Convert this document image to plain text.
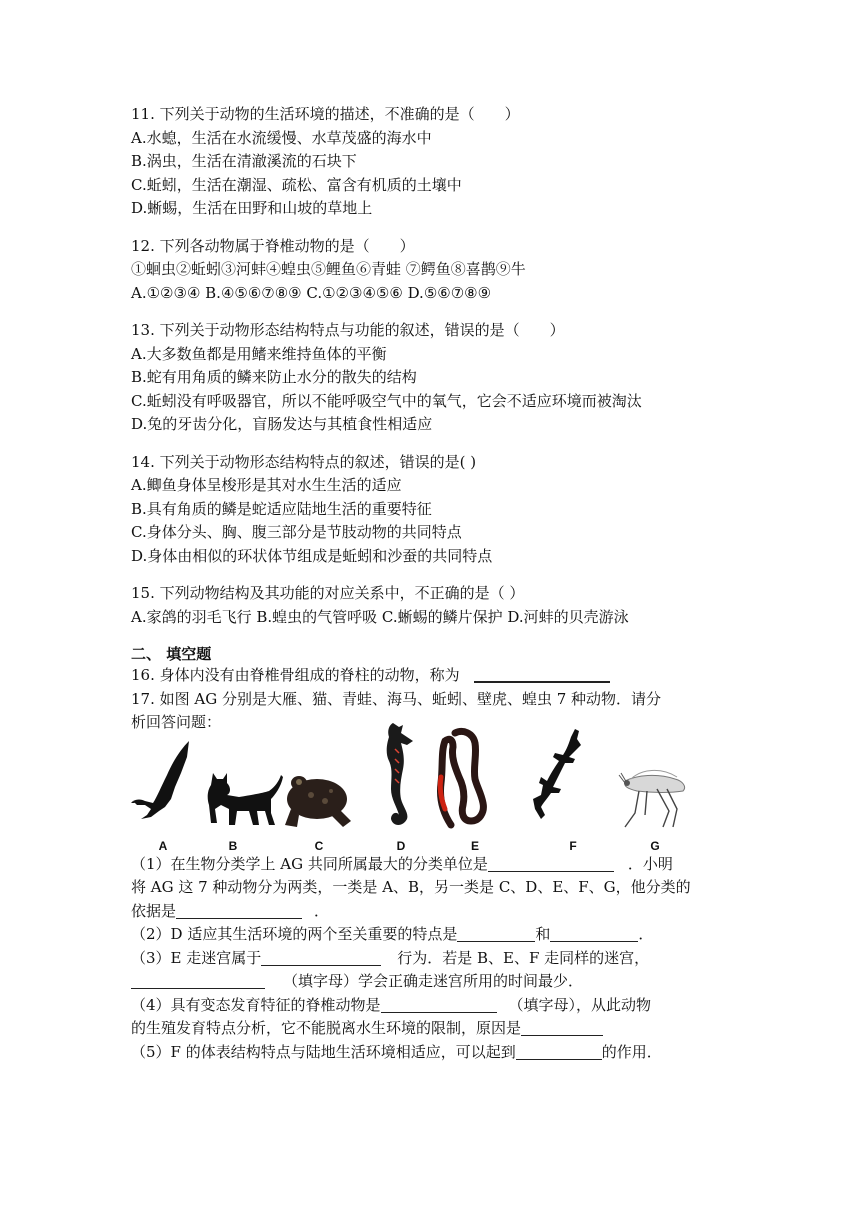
11. 下列关于动物的生活环境的描述，不准确的是（　　）
A.水螅，生活在水流缓慢、水草茂盛的海水中
B.涡虫，生活在清澈溪流的石块下
C.蚯蚓，生活在潮湿、疏松、富含有机质的土壤中
D.蜥蜴，生活在田野和山坡的草地上
12. 下列各动物属于脊椎动物的是（　　）
①蛔虫②蚯蚓③河蚌④蝗虫⑤鲤鱼⑥青蛙 ⑦鳄鱼⑧喜鹊⑨牛
A.①②③④ B.④⑤⑥⑦⑧⑨ C.①②③④⑤⑥ D.⑤⑥⑦⑧⑨
13. 下列关于动物形态结构特点与功能的叙述，错误的是（　　）
A.大多数鱼都是用鳍来维持鱼体的平衡
B.蛇有用角质的鳞来防止水分的散失的结构
C.蚯蚓没有呼吸器官，所以不能呼吸空气中的氧气，它会不适应环境而被淘汰
D.兔的牙齿分化，盲肠发达与其植食性相适应
14. 下列关于动物形态结构特点的叙述，错误的是( )
A.鲫鱼身体呈梭形是其对水生生活的适应
B.具有角质的鳞是蛇适应陆地生活的重要特征
C.身体分头、胸、腹三部分是节肢动物的共同特点
D.身体由相似的环状体节组成是蚯蚓和沙蚕的共同特点
15. 下列动物结构及其功能的对应关系中，不正确的是（ ）
A.家鸽的羽毛飞行 B.蝗虫的气管呼吸 C.蜥蜴的鳞片保护 D.河蚌的贝壳游泳
二、 填空题
16. 身体内没有由脊椎骨组成的脊柱的动物，称为
17. 如图 AG 分别是大雁、猫、青蛙、海马、蚯蚓、壁虎、蝗虫 7 种动物．请分
析回答问题：
A	B	C	D	E	F	G
（1）在生物分类学上 AG 共同所属最大的分类单位是	．小明
将 AG 这 7 种动物分为两类，一类是 A、B，另一类是 C、D、E、F、G，他分类的
依据是	．
（2）D 适应其生活环境的两个至关重要的特点是	和	．
（3）E 走迷宫属于	行为．若是 B、E、F 走同样的迷宫，
（填字母）学会正确走迷宫所用的时间最少．
（4）具有变态发育特征的脊椎动物是	（填字母），从此动物
的生殖发育特点分析，它不能脱离水生环境的限制，原因是
（5）F 的体表结构特点与陆地生活环境相适应，可以起到	的作用．
